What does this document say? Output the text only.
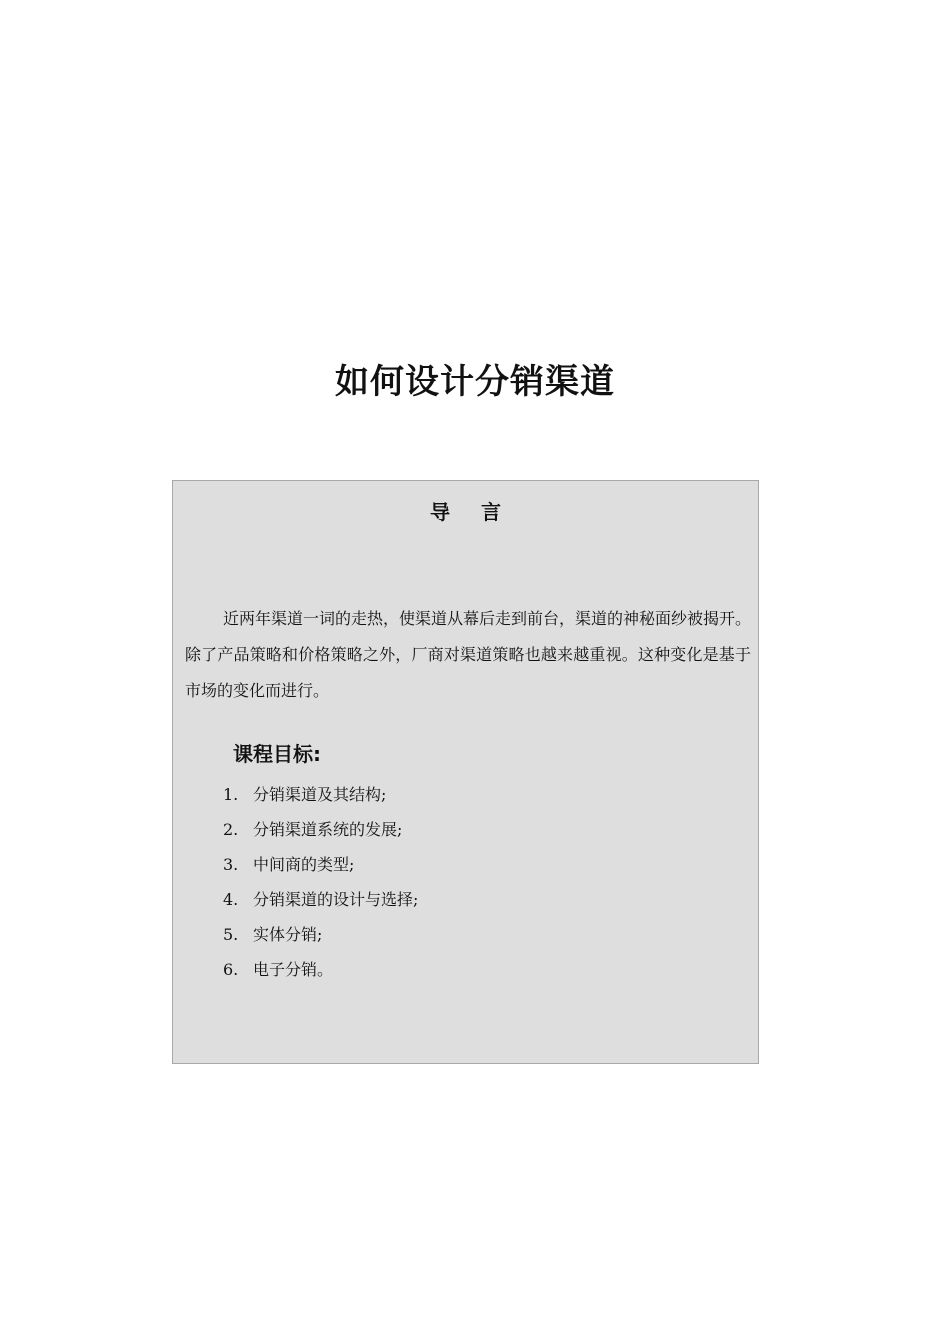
如何设计分销渠道
导 言

近两年渠道一词的走热，使渠道从幕后走到前台，渠道的神秘面纱被揭开。除了产品策略和价格策略之外，厂商对渠道策略也越来越重视。这种变化是基于市场的变化而进行。

课程目标:
1. 分销渠道及其结构;
2. 分销渠道系统的发展;
3. 中间商的类型;
4. 分销渠道的设计与选择;
5. 实体分销;
6. 电子分销。
